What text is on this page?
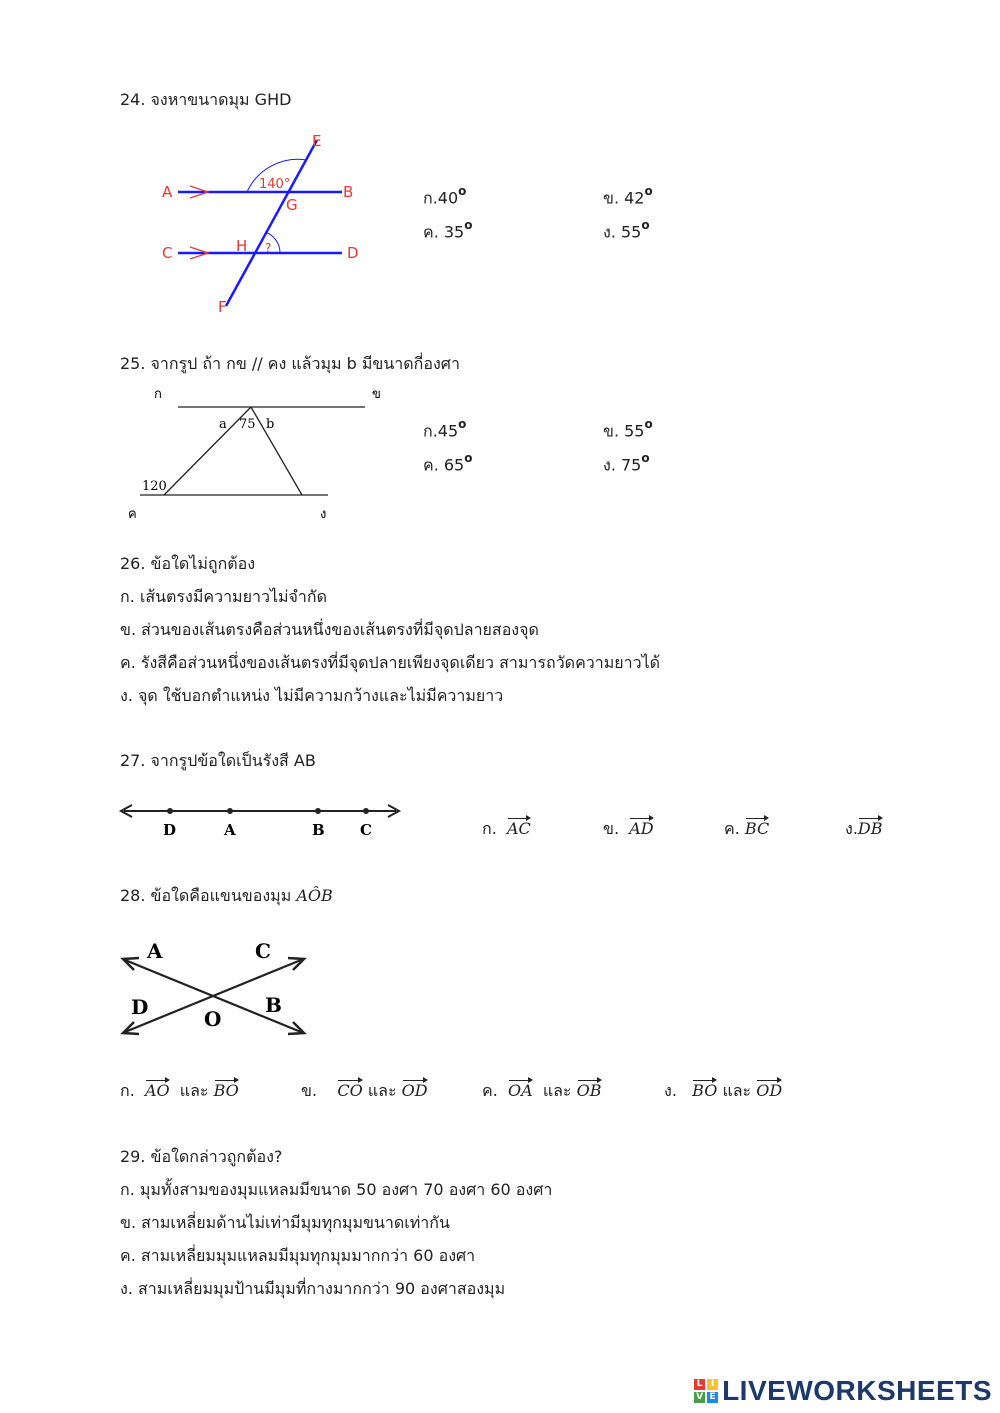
24. จงหาขนาดมุม GHD
E
A	B
140°
G
C	H ?	D
F
ก.40$^o$	ข. 42$^o$
ค. 35$^o$	ง. 55$^o$
25. จากรูป ถ้า กข // คง แล้วมุม b มีขนาดกี่องศา
ก	ข
a 75 b
120
ค	ง
ก.45$^o$	ข. 55$^o$
ค. 65$^o$	ง. 75$^o$
26. ข้อใดไม่ถูกต้อง
ก. เส้นตรงมีความยาวไม่จำกัด
ข. ส่วนของเส้นตรงคือส่วนหนึ่งของเส้นตรงที่มีจุดปลายสองจุด
ค. รังสีคือส่วนหนึ่งของเส้นตรงที่มีจุดปลายเพียงจุดเดียว สามารถวัดความยาวได้
ง. จุด ใช้บอกตำแหน่ง ไม่มีความกว้างและไม่มีความยาว
27. จากรูปข้อใดเป็นรังสี AB
D	A	B C	ก. AC	ข. AD	ค. BC	ง.DB
28. ข้อใดคือแขนของมุม AÔB
A	C
D	B
O
ก. AO และ BO	ข. CO และ OD	ค. OA และ OB	ง. BO และ OD
29. ข้อใดกล่าวถูกต้อง?
ก. มุมทั้งสามของมุมแหลมมีขนาด 50 องศา 70 องศา 60 องศา
ข. สามเหลี่ยมด้านไม่เท่ามีมุมทุกมุมขนาดเท่ากัน
ค. สามเหลี่ยมมุมแหลมมีมุมทุกมุมมากกว่า 60 องศา
ง. สามเหลี่ยมมุมป้านมีมุมที่กางมากกว่า 90 องศาสองมุม
L I
V E LIVEWORKSHEETS
